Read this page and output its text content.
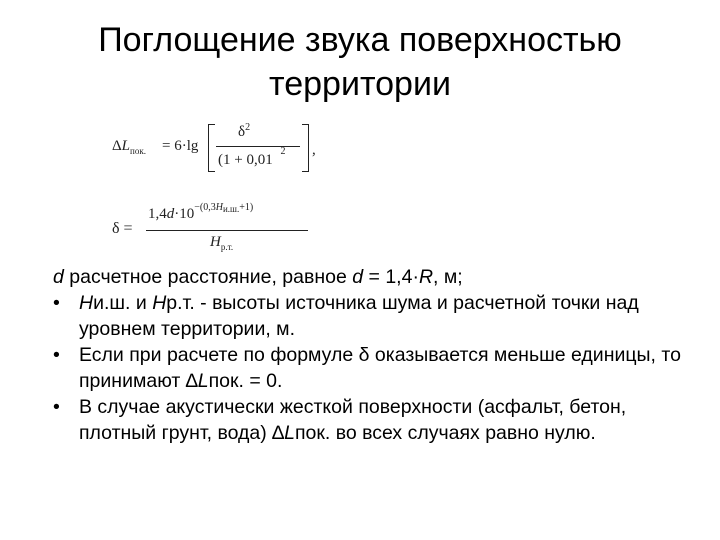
Поглощение звука поверхностью
территории
$\Delta L_{пок.} = 6\cdot\lg$
$\delta^2$
(1 + 0,01 $^2$ ,
δ =
$1,4d\cdot 10^{-(0,3Hи.ш.+1)}$
$H_{р.т.}$

d расчетное расстояние, равное d = 1,4·R, м;

• Ни.ш. и Нр.т. - высоты источника шума и расчетной точки над уровнем территории, м.

• Если при расчете по формуле δ оказывается меньше единицы, то принимают ∆Lпок. = 0.

• В случае акустически жесткой поверхности (асфальт, бетон, плотный грунт, вода) ∆Lпок. во всех случаях равно нулю.
